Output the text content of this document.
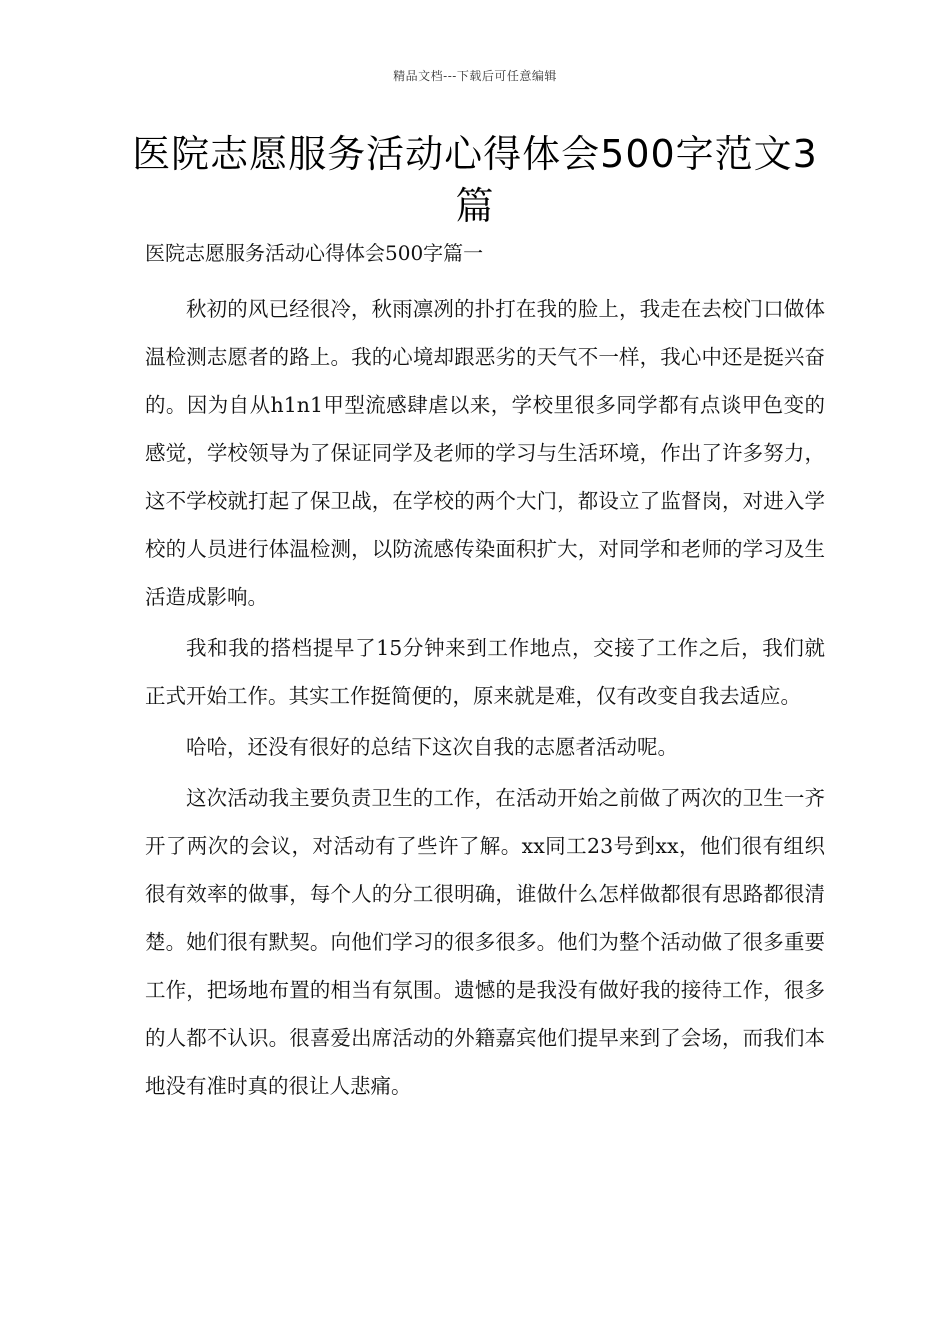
精品文档---下载后可任意编辑
医院志愿服务活动心得体会500字范文3篇
医院志愿服务活动心得体会500字篇一

秋初的风已经很冷，秋雨凛冽的扑打在我的脸上，我走在去校门口做体温检测志愿者的路上。我的心境却跟恶劣的天气不一样，我心中还是挺兴奋的。因为自从h1n1甲型流感肆虐以来，学校里很多同学都有点谈甲色变的感觉，学校领导为了保证同学及老师的学习与生活环境，作出了许多努力，这不学校就打起了保卫战，在学校的两个大门，都设立了监督岗，对进入学校的人员进行体温检测，以防流感传染面积扩大，对同学和老师的学习及生活造成影响。

我和我的搭档提早了15分钟来到工作地点，交接了工作之后，我们就正式开始工作。其实工作挺简便的，原来就是难，仅有改变自我去适应。

哈哈，还没有很好的总结下这次自我的志愿者活动呢。

这次活动我主要负责卫生的工作，在活动开始之前做了两次的卫生一齐开了两次的会议，对活动有了些许了解。xx同工23号到xx，他们很有组织很有效率的做事，每个人的分工很明确，谁做什么怎样做都很有思路都很清楚。她们很有默契。向他们学习的很多很多。他们为整个活动做了很多重要工作，把场地布置的相当有氛围。遗憾的是我没有做好我的接待工作，很多的人都不认识。很喜爱出席活动的外籍嘉宾他们提早来到了会场，而我们本地没有准时真的很让人悲痛。
